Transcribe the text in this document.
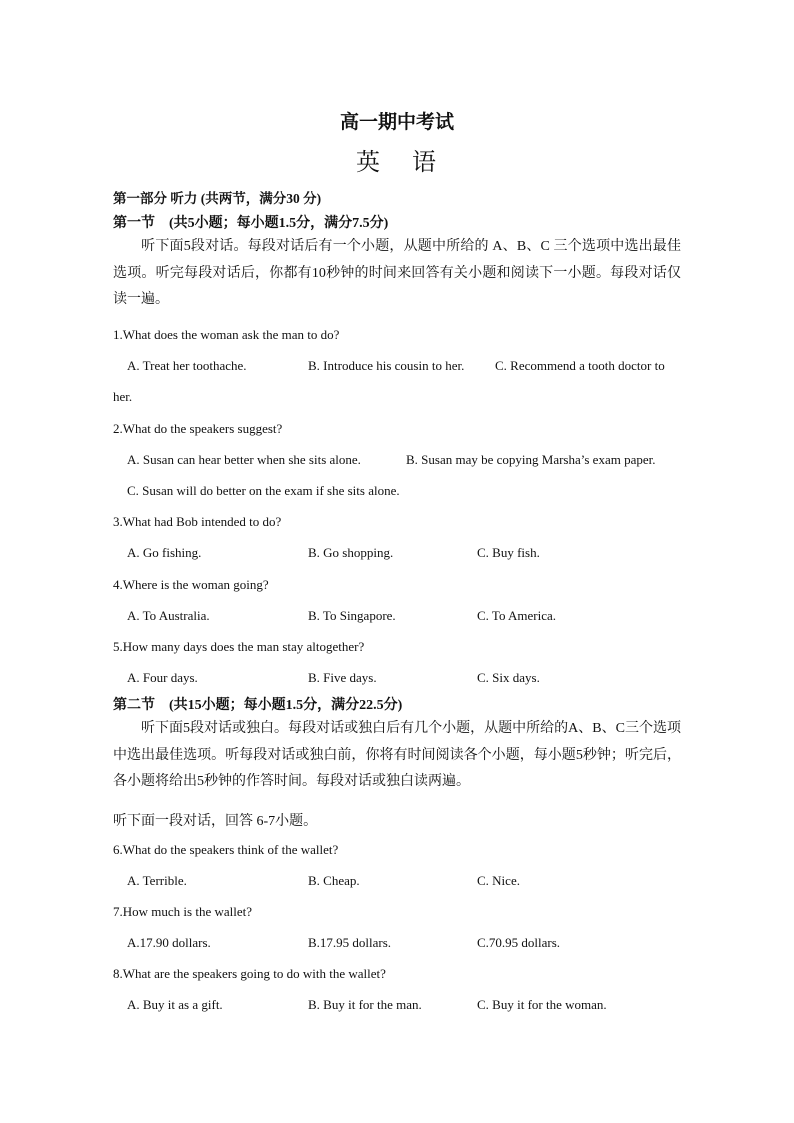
高一期中考试
英 语
第一部分 听力 (共两节，满分30 分)
第一节　(共5小题；每小题1.5分，满分7.5分)
听下面5段对话。每段对话后有一个小题，从题中所给的 A、B、C 三个选项中选出最佳选项。听完每段对话后，你都有10秒钟的时间来回答有关小题和阅读下一小题。每段对话仅读一遍。
1.What does the woman ask the man to do?
A. Treat her toothache.	B. Introduce his cousin to her. C. Recommend a tooth doctor to
her.
2.What do the speakers suggest?
A. Susan can hear better when she sits alone.	B. Susan may be copying Marsha’s exam paper.
C. Susan will do better on the exam if she sits alone.
3.What had Bob intended to do?
A. Go fishing.	B. Go shopping.	C. Buy fish.
4.Where is the woman going?
A. To Australia.	B. To Singapore.	C. To America.
5.How many days does the man stay altogether?
A. Four days.	B. Five days.	C. Six days.
第二节　(共15小题；每小题1.5分，满分22.5分)
听下面5段对话或独白。每段对话或独白后有几个小题，从题中所给的A、B、C三个选项中选出最佳选项。听每段对话或独白前，你将有时间阅读各个小题，每小题5秒钟；听完后，各小题将给出5秒钟的作答时间。每段对话或独白读两遍。
听下面一段对话，回答 6-7小题。
6.What do the speakers think of the wallet?
A. Terrible.	B. Cheap.	C. Nice.
7.How much is the wallet?
A.17.90 dollars.	B.17.95 dollars.	C.70.95 dollars.
8.What are the speakers going to do with the wallet?
A. Buy it as a gift.	B. Buy it for the man.	C. Buy it for the woman.
